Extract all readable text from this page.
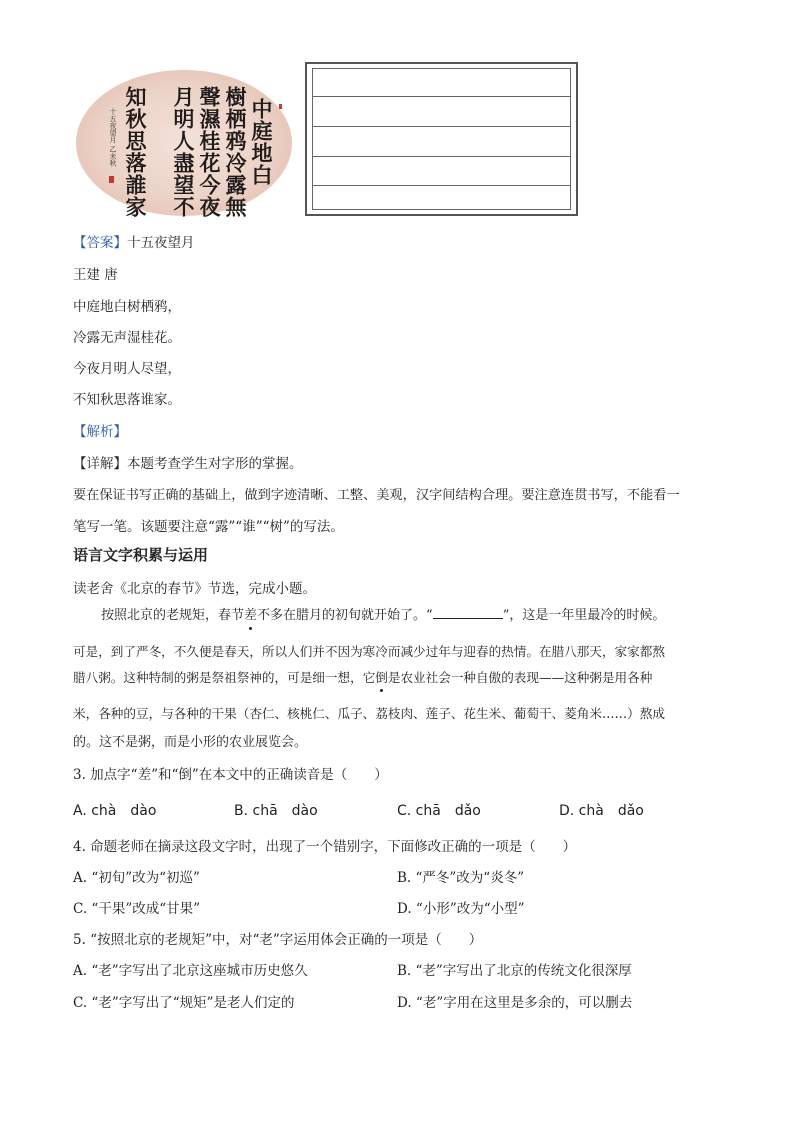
中庭地白
樹栖鸦冷露無
聲濕桂花今夜
月明人盡望不
知秋思落誰家
十五夜望月 乙未秋
【答案】十五夜望月
王建 唐
中庭地白树栖鸦，
冷露无声湿桂花。
今夜月明人尽望，
不知秋思落谁家。
【解析】
【详解】本题考查学生对字形的掌握。
要在保证书写正确的基础上，做到字迹清晰、工整、美观，汉字间结构合理。要注意连贯书写，不能看一
笔写一笔。该题要注意“露”“谁”“树”的写法。
语言文字积累与运用
读老舍《北京的春节》节选，完成小题。
按照北京的老规矩，春节差不多在腊月的初旬就开始了。“	”，这是一年里最冷的时候。
可是，到了严冬，不久便是春天，所以人们并不因为寒冷而减少过年与迎春的热情。在腊八那天，家家都熬
腊八粥。这种特制的粥是祭祖祭神的，可是细一想，它倒是农业社会一种自傲的表现——这种粥是用各种
米，各种的豆，与各种的干果（杏仁、核桃仁、瓜子、荔枝肉、莲子、花生米、葡萄干、菱角米……）熬成
的。这不是粥，而是小形的农业展览会。
3. 加点字“差”和“倒”在本文中的正确读音是（　　）
A. chà　dào	B. chā　dào	C. chā　dǎo	D. chà　dǎo
4. 命题老师在摘录这段文字时，出现了一个错别字，下面修改正确的一项是（　　）
A. “初旬”改为“初巡”	B. “严冬”改为“炎冬”
C. “干果”改成“甘果”	D. “小形”改为“小型”
5. “按照北京的老规矩”中，对“老”字运用体会正确的一项是（　　）
A. “老”字写出了北京这座城市历史悠久	B. “老”字写出了北京的传统文化很深厚
C. “老”字写出了“规矩”是老人们定的	D. “老”字用在这里是多余的，可以删去
